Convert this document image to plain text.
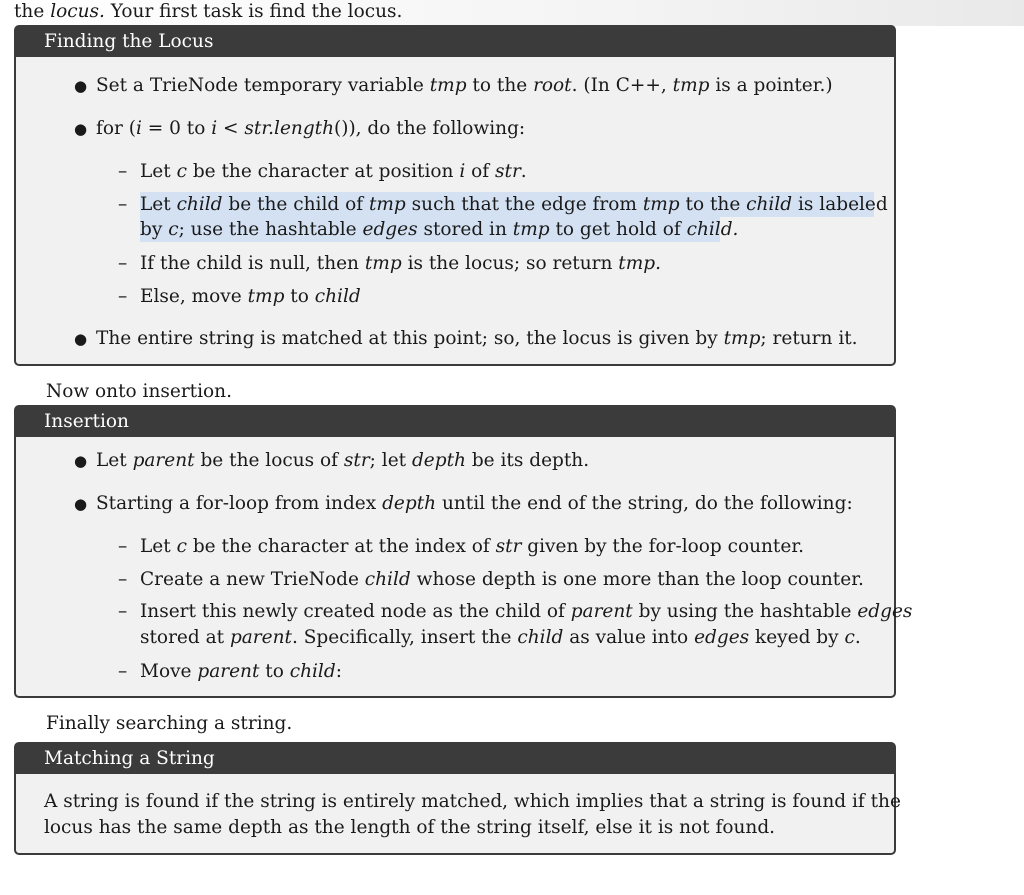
the locus. Your first task is find the locus.
Finding the Locus
● Set a TrieNode temporary variable tmp to the root. (In C++, tmp is a pointer.)
● for (i = 0 to i < str.length()), do the following:
– Let c be the character at position i of str.
– Let child be the child of tmp such that the edge from tmp to the child is labeled
by c; use the hashtable edges stored in tmp to get hold of child.
– If the child is null, then tmp is the locus; so return tmp.
– Else, move tmp to child
● The entire string is matched at this point; so, the locus is given by tmp; return it.
Now onto insertion.
Insertion
● Let parent be the locus of str; let depth be its depth.
● Starting a for-loop from index depth until the end of the string, do the following:
– Let c be the character at the index of str given by the for-loop counter.
– Create a new TrieNode child whose depth is one more than the loop counter.
– Insert this newly created node as the child of parent by using the hashtable edges
stored at parent. Specifically, insert the child as value into edges keyed by c.
– Move parent to child:
Finally searching a string.
Matching a String
A string is found if the string is entirely matched, which implies that a string is found if the
locus has the same depth as the length of the string itself, else it is not found.
